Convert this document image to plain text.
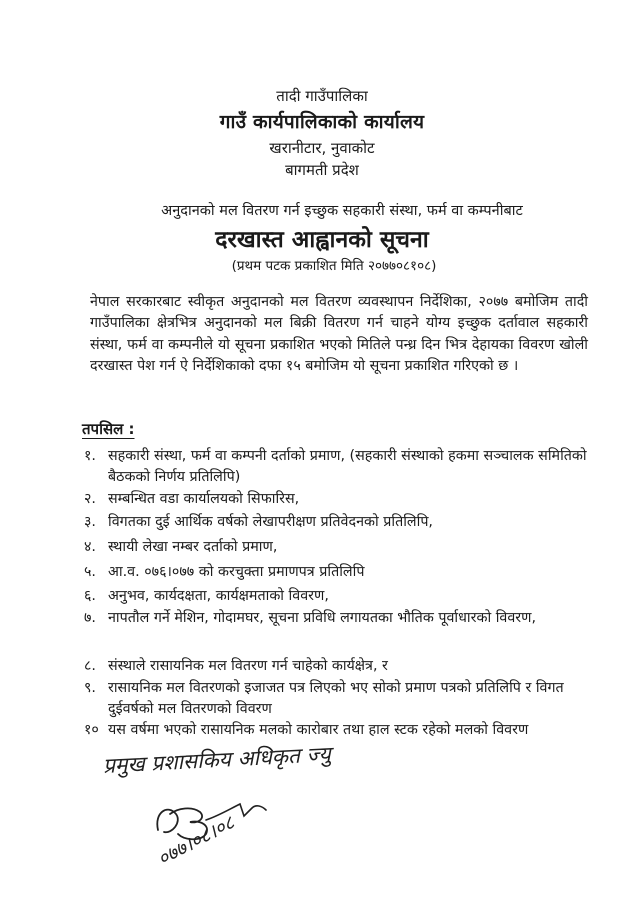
तादी गाउँपालिका
गाउँ कार्यपालिकाको कार्यालय
खरानीटार, नुवाकोट
बागमती प्रदेश
अनुदानको मल वितरण गर्न इच्छुक सहकारी संस्था, फर्म वा कम्पनीबाट
दरखास्त आह्वानको सूचना
(प्रथम पटक प्रकाशित मिति २०७७०८१०८)
नेपाल सरकारबाट स्वीकृत अनुदानको मल वितरण व्यवस्थापन निर्देशिका, २०७७ बमोजिम तादी गाउँपालिका क्षेत्रभित्र अनुदानको मल बिक्री वितरण गर्न चाहने योग्य इच्छुक दर्तावाल सहकारी संस्था, फर्म वा कम्पनीले यो सूचना प्रकाशित भएको मितिले पन्ध्र दिन भित्र देहायका विवरण खोली दरखास्त पेश गर्न ऐ निर्देशिकाको दफा १५ बमोजिम यो सूचना प्रकाशित गरिएको छ ।
तपसिल :
१. सहकारी संस्था, फर्म वा कम्पनी दर्ताको प्रमाण, (सहकारी संस्थाको हकमा सञ्चालक समितिको बैठकको निर्णय प्रतिलिपि)
२. सम्बन्धित वडा कार्यालयको सिफारिस,
३. विगतका दुई आर्थिक वर्षको लेखापरीक्षण प्रतिवेदनको प्रतिलिपि,
४. स्थायी लेखा नम्बर दर्ताको प्रमाण,
५. आ.व. ०७६।०७७ को करचुक्ता प्रमाणपत्र प्रतिलिपि
६. अनुभव, कार्यदक्षता, कार्यक्षमताको विवरण,
७. नापतौल गर्ने मेशिन, गोदामघर, सूचना प्रविधि लगायतका भौतिक पूर्वाधारको विवरण,
८. संस्थाले रासायनिक मल वितरण गर्न चाहेको कार्यक्षेत्र, र
९. रासायनिक मल वितरणको इजाजत पत्र लिएको भए सोको प्रमाण पत्रको प्रतिलिपि र विगत दुईवर्षको मल वितरणको विवरण
१० यस वर्षमा भएको रासायनिक मलको कारोबार तथा हाल स्टक रहेको मलको विवरण
प्रमुख प्रशासकिय अधिकृत ज्यु
०७७।०८।०८
